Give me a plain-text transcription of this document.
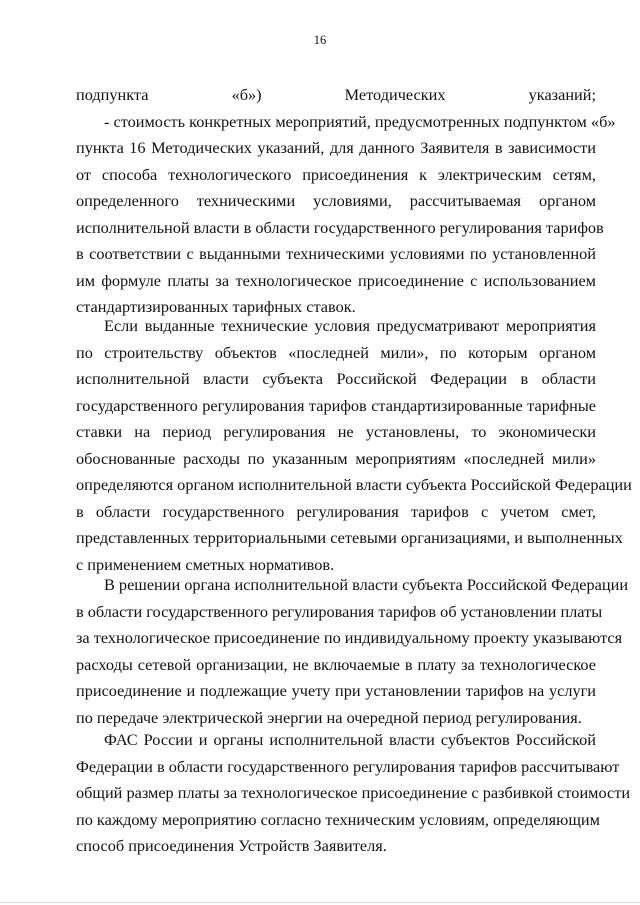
16
подпункта «б») Методических указаний;
- стоимость конкретных мероприятий, предусмотренных подпунктом «б»
пункта 16 Методических указаний, для данного Заявителя в зависимости
от способа технологического присоединения к электрическим сетям,
определенного техническими условиями, рассчитываемая органом
исполнительной власти в области государственного регулирования тарифов
в соответствии с выданными техническими условиями по установленной
им формуле платы за технологическое присоединение с использованием
стандартизированных тарифных ставок.
Если выданные технические условия предусматривают мероприятия
по строительству объектов «последней мили», по которым органом
исполнительной власти субъекта Российской Федерации в области
государственного регулирования тарифов стандартизированные тарифные
ставки на период регулирования не установлены, то экономически
обоснованные расходы по указанным мероприятиям «последней мили»
определяются органом исполнительной власти субъекта Российской Федерации
в области государственного регулирования тарифов с учетом смет,
представленных территориальными сетевыми организациями, и выполненных
с применением сметных нормативов.
В решении органа исполнительной власти субъекта Российской Федерации
в области государственного регулирования тарифов об установлении платы
за технологическое присоединение по индивидуальному проекту указываются
расходы сетевой организации, не включаемые в плату за технологическое
присоединение и подлежащие учету при установлении тарифов на услуги
по передаче электрической энергии на очередной период регулирования.
ФАС России и органы исполнительной власти субъектов Российской
Федерации в области государственного регулирования тарифов рассчитывают
общий размер платы за технологическое присоединение с разбивкой стоимости
по каждому мероприятию согласно техническим условиям, определяющим
способ присоединения Устройств Заявителя.
